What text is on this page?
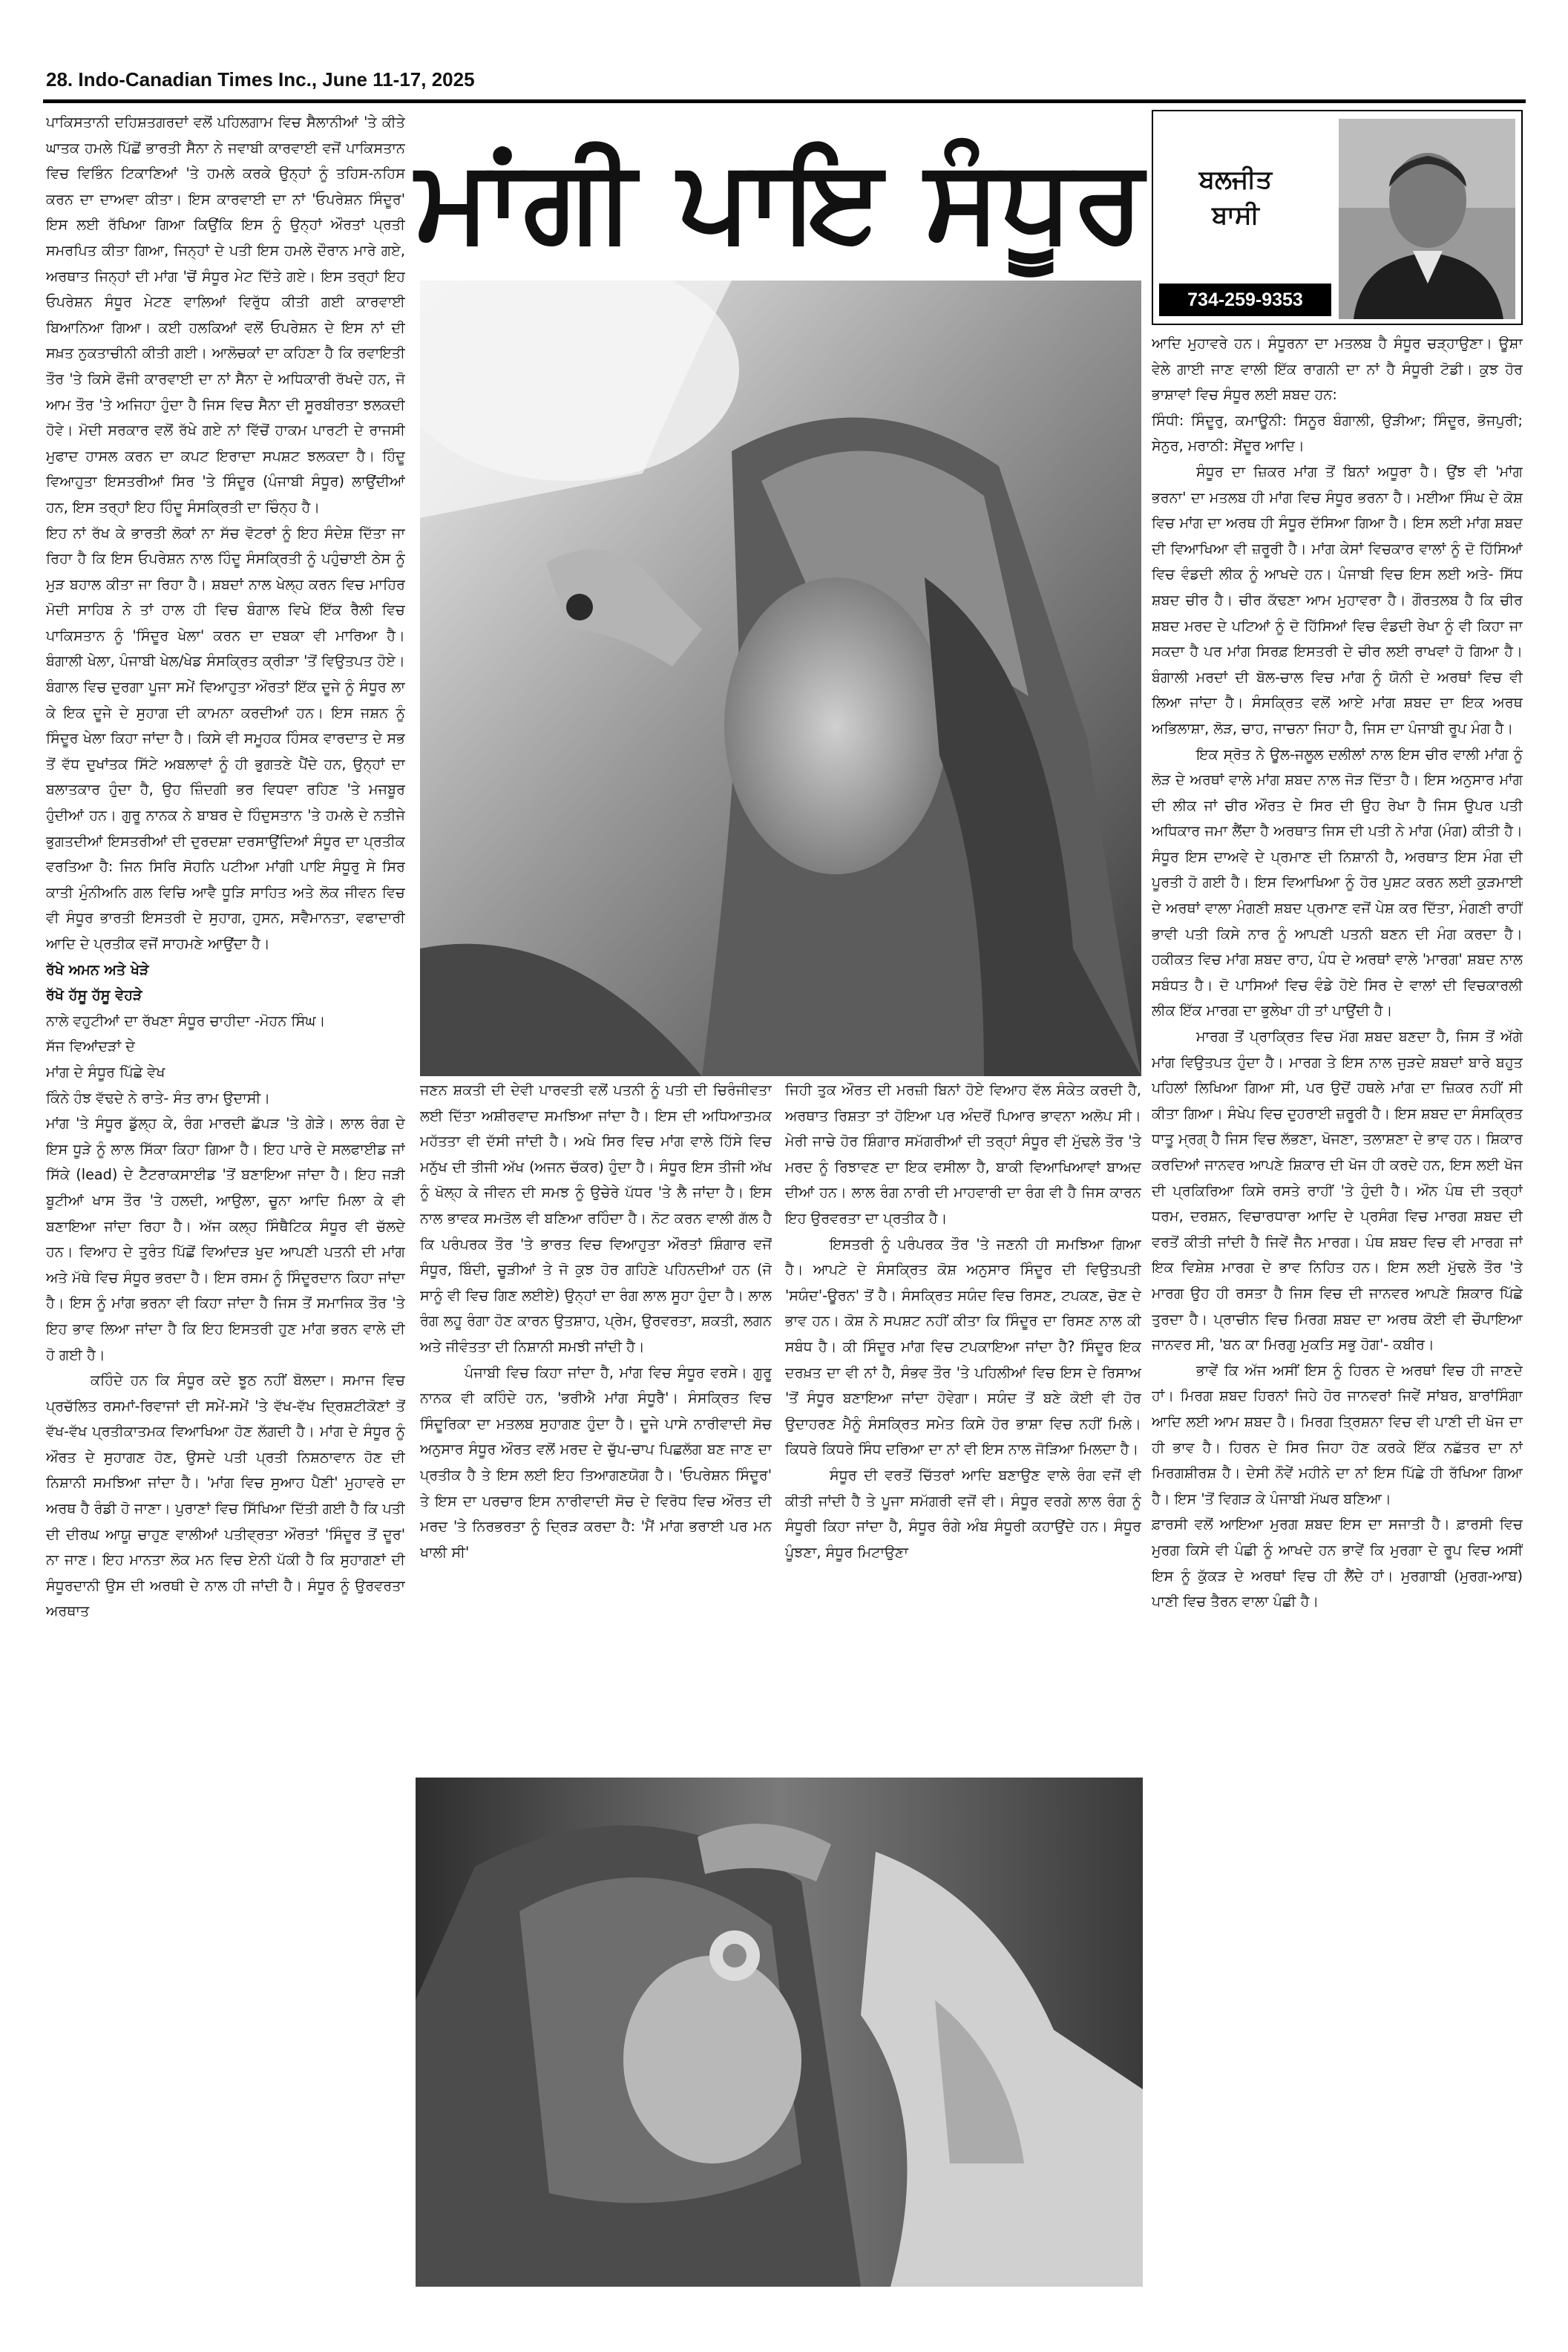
28. Indo-Canadian Times Inc., June 11-17, 2025

ਪਾਕਿਸਤਾਨੀ ਦਹਿਸ਼ਤਗਰਦਾਂ ਵਲੋਂ ਪਹਿਲਗਾਮ ਵਿਚ ਸੈਲਾਨੀਆਂ 'ਤੇ ਕੀਤੇ ਘਾਤਕ ਹਮਲੇ ਪਿੱਛੋਂ ਭਾਰਤੀ ਸੈਨਾ ਨੇ ਜਵਾਬੀ ਕਾਰਵਾਈ ਵਜੋਂ ਪਾਕਿਸਤਾਨ ਵਿਚ ਵਿਭਿੰਨ ਟਿਕਾਣਿਆਂ 'ਤੇ ਹਮਲੇ ਕਰਕੇ ਉਨ੍ਹਾਂ ਨੂੰ ਤਹਿਸ-ਨਹਿਸ ਕਰਨ ਦਾ ਦਾਅਵਾ ਕੀਤਾ। ਇਸ ਕਾਰਵਾਈ ਦਾ ਨਾਂ 'ਓਪਰੇਸ਼ਨ ਸਿੰਦੂਰ' ਇਸ ਲਈ ਰੱਖਿਆ ਗਿਆ ਕਿਉਂਕਿ ਇਸ ਨੂੰ ਉਨ੍ਹਾਂ ਔਰਤਾਂ ਪ੍ਰਤੀ ਸਮਰਪਿਤ ਕੀਤਾ ਗਿਆ, ਜਿਨ੍ਹਾਂ ਦੇ ਪਤੀ ਇਸ ਹਮਲੇ ਦੌਰਾਨ ਮਾਰੇ ਗਏ, ਅਰਥਾਤ ਜਿਨ੍ਹਾਂ ਦੀ ਮਾਂਗ 'ਚੋਂ ਸੰਧੂਰ ਮੇਟ ਦਿੱਤੇ ਗਏ। ਇਸ ਤਰ੍ਹਾਂ ਇਹ ਓਪਰੇਸ਼ਨ ਸੰਧੂਰ ਮੇਟਣ ਵਾਲਿਆਂ ਵਿਰੁੱਧ ਕੀਤੀ ਗਈ ਕਾਰਵਾਈ ਬਿਆਨਿਆ ਗਿਆ। ਕਈ ਹਲਕਿਆਂ ਵਲੋਂ ਓਪਰੇਸ਼ਨ ਦੇ ਇਸ ਨਾਂ ਦੀ ਸਖ਼ਤ ਨੁਕਤਾਚੀਨੀ ਕੀਤੀ ਗਈ। ਆਲੋਚਕਾਂ ਦਾ ਕਹਿਣਾ ਹੈ ਕਿ ਰਵਾਇਤੀ ਤੌਰ 'ਤੇ ਕਿਸੇ ਫੌਜੀ ਕਾਰਵਾਈ ਦਾ ਨਾਂ ਸੈਨਾ ਦੇ ਅਧਿਕਾਰੀ ਰੱਖਦੇ ਹਨ, ਜੋ ਆਮ ਤੌਰ 'ਤੇ ਅਜਿਹਾ ਹੁੰਦਾ ਹੈ ਜਿਸ ਵਿਚ ਸੈਨਾ ਦੀ ਸੂਰਬੀਰਤਾ ਝਲਕਦੀ ਹੋਵੇ। ਮੋਦੀ ਸਰਕਾਰ ਵਲੋਂ ਰੱਖੇ ਗਏ ਨਾਂ ਵਿੱਚੋਂ ਹਾਕਮ ਪਾਰਟੀ ਦੇ ਰਾਜਸੀ ਮੁਫਾਦ ਹਾਸਲ ਕਰਨ ਦਾ ਕਪਟ ਇਰਾਦਾ ਸਪਸ਼ਟ ਝਲਕਦਾ ਹੈ। ਹਿੰਦੂ ਵਿਆਹੁਤਾ ਇਸਤਰੀਆਂ ਸਿਰ 'ਤੇ ਸਿੰਦੂਰ (ਪੰਜਾਬੀ ਸੰਧੂਰ) ਲਾਉਂਦੀਆਂ ਹਨ, ਇਸ ਤਰ੍ਹਾਂ ਇਹ ਹਿੰਦੂ ਸੰਸਕ੍ਰਿਤੀ ਦਾ ਚਿੰਨ੍ਹ ਹੈ।

ਇਹ ਨਾਂ ਰੱਖ ਕੇ ਭਾਰਤੀ ਲੋਕਾਂ ਨਾ ਸੱਚ ਵੋਟਰਾਂ ਨੂੰ ਇਹ ਸੰਦੇਸ਼ ਦਿੱਤਾ ਜਾ ਰਿਹਾ ਹੈ ਕਿ ਇਸ ਓਪਰੇਸ਼ਨ ਨਾਲ ਹਿੰਦੂ ਸੰਸਕ੍ਰਿਤੀ ਨੂੰ ਪਹੁੰਚਾਈ ਠੇਸ ਨੂੰ ਮੁੜ ਬਹਾਲ ਕੀਤਾ ਜਾ ਰਿਹਾ ਹੈ। ਸ਼ਬਦਾਂ ਨਾਲ ਖੇਲ੍ਹ ਕਰਨ ਵਿਚ ਮਾਹਿਰ ਮੋਦੀ ਸਾਹਿਬ ਨੇ ਤਾਂ ਹਾਲ ਹੀ ਵਿਚ ਬੰਗਾਲ ਵਿਖੇ ਇੱਕ ਰੈਲੀ ਵਿਚ ਪਾਕਿਸਤਾਨ ਨੂੰ 'ਸਿੰਦੂਰ ਖੇਲਾ' ਕਰਨ ਦਾ ਦਬਕਾ ਵੀ ਮਾਰਿਆ ਹੈ। ਬੰਗਾਲੀ ਖੇਲਾ, ਪੰਜਾਬੀ ਖੇਲ/ਖੇਡ ਸੰਸਕ੍ਰਿਤ ਕ੍ਰੀੜਾ 'ਤੋਂ ਵਿਉਤਪਤ ਹੋਏ। ਬੰਗਾਲ ਵਿਚ ਦੁਰਗਾ ਪੂਜਾ ਸਮੇਂ ਵਿਆਹੁਤਾ ਔਰਤਾਂ ਇੱਕ ਦੂਜੇ ਨੂੰ ਸੰਧੂਰ ਲਾ ਕੇ ਇਕ ਦੂਜੇ ਦੇ ਸੁਹਾਗ ਦੀ ਕਾਮਨਾ ਕਰਦੀਆਂ ਹਨ। ਇਸ ਜਸ਼ਨ ਨੂੰ ਸਿੰਦੂਰ ਖੇਲਾ ਕਿਹਾ ਜਾਂਦਾ ਹੈ। ਕਿਸੇ ਵੀ ਸਮੂਹਕ ਹਿੰਸਕ ਵਾਰਦਾਤ ਦੇ ਸਭ ਤੋਂ ਵੱਧ ਦੁਖਾਂਤਕ ਸਿੱਟੇ ਅਬਲਾਵਾਂ ਨੂੰ ਹੀ ਭੁਗਤਣੇ ਪੈਂਦੇ ਹਨ, ਉਨ੍ਹਾਂ ਦਾ ਬਲਾਤਕਾਰ ਹੁੰਦਾ ਹੈ, ਉਹ ਜ਼ਿੰਦਗੀ ਭਰ ਵਿਧਵਾ ਰਹਿਣ 'ਤੇ ਮਜਬੂਰ ਹੁੰਦੀਆਂ ਹਨ। ਗੁਰੂ ਨਾਨਕ ਨੇ ਬਾਬਰ ਦੇ ਹਿੰਦੁਸਤਾਨ 'ਤੇ ਹਮਲੇ ਦੇ ਨਤੀਜੇ ਭੁਗਤਦੀਆਂ ਇਸਤਰੀਆਂ ਦੀ ਦੁਰਦਸ਼ਾ ਦਰਸਾਉਂਦਿਆਂ ਸੰਧੂਰ ਦਾ ਪ੍ਰਤੀਕ ਵਰਤਿਆ ਹੈ: ਜਿਨ ਸਿਰਿ ਸੋਹਨਿ ਪਟੀਆ ਮਾਂਗੀ ਪਾਇ ਸੰਧੂਰੁ ਸੇ ਸਿਰ ਕਾਤੀ ਮੁੰਨੀਅਨਿ ਗਲ ਵਿਚਿ ਆਵੈ ਧੂੜਿ ਸਾਹਿਤ ਅਤੇ ਲੋਕ ਜੀਵਨ ਵਿਚ ਵੀ ਸੰਧੂਰ ਭਾਰਤੀ ਇਸਤਰੀ ਦੇ ਸੁਹਾਗ, ਹੁਸਨ, ਸਵੈਮਾਨਤਾ, ਵਫਾਦਾਰੀ ਆਦਿ ਦੇ ਪ੍ਰਤੀਕ ਵਜੋਂ ਸਾਹਮਣੇ ਆਉਂਦਾ ਹੈ।

ਰੱਖੇ ਅਮਨ ਅਤੇ ਖੇੜੇ

ਰੱਖੋ ਹੱਸੂ ਹੱਸੂ ਵੇਹੜੇ

ਨਾਲੇ ਵਹੁਟੀਆਂ ਦਾ ਰੱਖਣਾ ਸੰਧੂਰ ਚਾਹੀਦਾ -ਮੋਹਨ ਸਿੰਘ।

ਸੱਜ ਵਿਆਂਦੜਾਂ ਦੇ

ਮਾਂਗ ਦੇ ਸੰਧੂਰ ਪਿੱਛੇ ਵੇਖ

ਕਿੰਨੇ ਹੰਝ ਵੱਢਦੇ ਨੇ ਰਾਤੇ- ਸੰਤ ਰਾਮ ਉਦਾਸੀ।

ਮਾਂਗ 'ਤੇ ਸੰਧੂਰ ਡੁੱਲ੍ਹ ਕੇ, ਰੰਗ ਮਾਰਦੀ ਛੱਪੜ 'ਤੇ ਗੇੜੇ। ਲਾਲ ਰੰਗ ਦੇ ਇਸ ਧੂੜੇ ਨੂੰ ਲਾਲ ਸਿੱਕਾ ਕਿਹਾ ਗਿਆ ਹੈ। ਇਹ ਪਾਰੇ ਦੇ ਸਲਫਾਈਡ ਜਾਂ ਸਿੱਕੇ (lead) ਦੇ ਟੈਟਰਾਕਸਾਈਡ 'ਤੋਂ ਬਣਾਇਆ ਜਾਂਦਾ ਹੈ। ਇਹ ਜੜੀ ਬੂਟੀਆਂ ਖਾਸ ਤੌਰ 'ਤੇ ਹਲਦੀ, ਆਉਲਾ, ਚੂਨਾ ਆਦਿ ਮਿਲਾ ਕੇ ਵੀ ਬਣਾਇਆ ਜਾਂਦਾ ਰਿਹਾ ਹੈ। ਅੱਜ ਕਲ੍ਹ ਸਿੰਥੈਟਿਕ ਸੰਧੂਰ ਵੀ ਚੱਲਦੇ ਹਨ। ਵਿਆਹ ਦੇ ਤੁਰੰਤ ਪਿੱਛੋਂ ਵਿਆਂਦੜ ਖੁਦ ਆਪਣੀ ਪਤਨੀ ਦੀ ਮਾਂਗ ਅਤੇ ਮੱਥੇ ਵਿਚ ਸੰਧੂਰ ਭਰਦਾ ਹੈ। ਇਸ ਰਸਮ ਨੂੰ ਸਿੰਦੂਰਦਾਨ ਕਿਹਾ ਜਾਂਦਾ ਹੈ। ਇਸ ਨੂੰ ਮਾਂਗ ਭਰਨਾ ਵੀ ਕਿਹਾ ਜਾਂਦਾ ਹੈ ਜਿਸ ਤੋਂ ਸਮਾਜਿਕ ਤੌਰ 'ਤੇ ਇਹ ਭਾਵ ਲਿਆ ਜਾਂਦਾ ਹੈ ਕਿ ਇਹ ਇਸਤਰੀ ਹੁਣ ਮਾਂਗ ਭਰਨ ਵਾਲੇ ਦੀ ਹੋ ਗਈ ਹੈ।

ਕਹਿੰਦੇ ਹਨ ਕਿ ਸੰਧੂਰ ਕਦੇ ਝੂਠ ਨਹੀਂ ਬੋਲਦਾ। ਸਮਾਜ ਵਿਚ ਪ੍ਰਚੱਲਿਤ ਰਸਮਾਂ-ਰਿਵਾਜਾਂ ਦੀ ਸਮੇਂ-ਸਮੇਂ 'ਤੇ ਵੱਖ-ਵੱਖ ਦ੍ਰਿਸ਼ਟੀਕੋਣਾਂ ਤੋਂ ਵੱਖ-ਵੱਖ ਪ੍ਰਤੀਕਾਤਮਕ ਵਿਆਖਿਆ ਹੋਣ ਲੱਗਦੀ ਹੈ। ਮਾਂਗ ਦੇ ਸੰਧੂਰ ਨੂੰ ਔਰਤ ਦੇ ਸੁਹਾਗਣ ਹੋਣ, ਉਸਦੇ ਪਤੀ ਪ੍ਰਤੀ ਨਿਸ਼ਠਾਵਾਨ ਹੋਣ ਦੀ ਨਿਸ਼ਾਨੀ ਸਮਝਿਆ ਜਾਂਦਾ ਹੈ। 'ਮਾਂਗ ਵਿਚ ਸੁਆਹ ਪੈਣੀ' ਮੁਹਾਵਰੇ ਦਾ ਅਰਥ ਹੈ ਰੰਡੀ ਹੋ ਜਾਣਾ। ਪੁਰਾਣਾਂ ਵਿਚ ਸਿੱਖਿਆ ਦਿੱਤੀ ਗਈ ਹੈ ਕਿ ਪਤੀ ਦੀ ਦੀਰਘ ਆਯੂ ਚਾਹੁਣ ਵਾਲੀਆਂ ਪਤੀਵ੍ਰਤਾ ਔਰਤਾਂ 'ਸਿੰਦੂਰ ਤੋਂ ਦੂਰ' ਨਾ ਜਾਣ। ਇਹ ਮਾਨਤਾ ਲੋਕ ਮਨ ਵਿਚ ਏਨੀ ਪੱਕੀ ਹੈ ਕਿ ਸੁਹਾਗਣਾਂ ਦੀ ਸੰਧੂਰਦਾਨੀ ਉਸ ਦੀ ਅਰਥੀ ਦੇ ਨਾਲ ਹੀ ਜਾਂਦੀ ਹੈ। ਸੰਧੂਰ ਨੂੰ ਉਰਵਰਤਾ ਅਰਥਾਤ

ਮਾਂਗੀ ਪਾਇ ਸੰਧੂਰ	ਬਲਜੀਤ
ਬਾਸੀ
734-259-9353

ਜਣਨ ਸ਼ਕਤੀ ਦੀ ਦੇਵੀ ਪਾਰਵਤੀ ਵਲੋਂ ਪਤਨੀ ਨੂੰ ਪਤੀ ਦੀ ਚਿਰੰਜੀਵਤਾ ਲਈ ਦਿੱਤਾ ਅਸ਼ੀਰਵਾਦ ਸਮਝਿਆ ਜਾਂਦਾ ਹੈ। ਇਸ ਦੀ ਅਧਿਆਤਮਕ ਮਹੱਤਤਾ ਵੀ ਦੱਸੀ ਜਾਂਦੀ ਹੈ। ਅਖੇ ਸਿਰ ਵਿਚ ਮਾਂਗ ਵਾਲੇ ਹਿੱਸੇ ਵਿਚ ਮਨੁੱਖ ਦੀ ਤੀਜੀ ਅੱਖ (ਅਜਨ ਚੱਕਰ) ਹੁੰਦਾ ਹੈ। ਸੰਧੂਰ ਇਸ ਤੀਜੀ ਅੱਖ ਨੂੰ ਖੋਲ੍ਹ ਕੇ ਜੀਵਨ ਦੀ ਸਮਝ ਨੂੰ ਉਚੇਰੇ ਪੱਧਰ 'ਤੇ ਲੈ ਜਾਂਦਾ ਹੈ। ਇਸ ਨਾਲ ਭਾਵਕ ਸਮਤੋਲ ਵੀ ਬਣਿਆ ਰਹਿੰਦਾ ਹੈ। ਨੋਟ ਕਰਨ ਵਾਲੀ ਗੱਲ ਹੈ ਕਿ ਪਰੰਪਰਕ ਤੌਰ 'ਤੇ ਭਾਰਤ ਵਿਚ ਵਿਆਹੁਤਾ ਔਰਤਾਂ ਸ਼ਿੰਗਾਰ ਵਜੋਂ ਸੰਧੂਰ, ਬਿੰਦੀ, ਚੂੜੀਆਂ ਤੇ ਜੋ ਕੁਝ ਹੋਰ ਗਹਿਣੇ ਪਹਿਨਦੀਆਂ ਹਨ (ਜੋ ਸਾਨੂੰ ਵੀ ਵਿਚ ਗਿਣ ਲਈਏ) ਉਨ੍ਹਾਂ ਦਾ ਰੰਗ ਲਾਲ ਸੂਹਾ ਹੁੰਦਾ ਹੈ। ਲਾਲ ਰੰਗ ਲਹੂ ਰੰਗਾ ਹੋਣ ਕਾਰਨ ਉਤਸ਼ਾਹ, ਪ੍ਰੇਮ, ਉਰਵਰਤਾ, ਸ਼ਕਤੀ, ਲਗਨ ਅਤੇ ਜੀਵੰਤਤਾ ਦੀ ਨਿਸ਼ਾਨੀ ਸਮਝੀ ਜਾਂਦੀ ਹੈ।

ਪੰਜਾਬੀ ਵਿਚ ਕਿਹਾ ਜਾਂਦਾ ਹੈ, ਮਾਂਗ ਵਿਚ ਸੰਧੂਰ ਵਰਸੇ। ਗੁਰੂ ਨਾਨਕ ਵੀ ਕਹਿੰਦੇ ਹਨ, 'ਭਰੀਐ ਮਾਂਗ ਸੰਧੂਰੈ'। ਸੰਸਕ੍ਰਿਤ ਵਿਚ ਸਿੰਦੂਰਿਕਾ ਦਾ ਮਤਲਬ ਸੁਹਾਗਣ ਹੁੰਦਾ ਹੈ। ਦੂਜੇ ਪਾਸੇ ਨਾਰੀਵਾਦੀ ਸੋਚ ਅਨੁਸਾਰ ਸੰਧੂਰ ਔਰਤ ਵਲੋਂ ਮਰਦ ਦੇ ਚੁੱਪ-ਚਾਪ ਪਿਛਲੱਗ ਬਣ ਜਾਣ ਦਾ ਪ੍ਰਤੀਕ ਹੈ ਤੇ ਇਸ ਲਈ ਇਹ ਤਿਆਗਣਯੋਗ ਹੈ। 'ਓਪਰੇਸ਼ਨ ਸਿੰਦੂਰ' ਤੇ ਇਸ ਦਾ ਪਰਚਾਰ ਇਸ ਨਾਰੀਵਾਦੀ ਸੋਚ ਦੇ ਵਿਰੋਧ ਵਿਚ ਔਰਤ ਦੀ ਮਰਦ 'ਤੇ ਨਿਰਭਰਤਾ ਨੂੰ ਦ੍ਰਿੜ ਕਰਦਾ ਹੈ: 'ਮੈਂ ਮਾਂਗ ਭਰਾਈ ਪਰ ਮਨ ਖਾਲੀ ਸੀ'

ਜਿਹੀ ਤੁਕ ਔਰਤ ਦੀ ਮਰਜ਼ੀ ਬਿਨਾਂ ਹੋਏ ਵਿਆਹ ਵੱਲ ਸੰਕੇਤ ਕਰਦੀ ਹੈ, ਅਰਥਾਤ ਰਿਸ਼ਤਾ ਤਾਂ ਹੋਇਆ ਪਰ ਅੰਦਰੋਂ ਪਿਆਰ ਭਾਵਨਾ ਅਲੋਪ ਸੀ। ਮੇਰੀ ਜਾਚੇ ਹੋਰ ਸ਼ਿੰਗਾਰ ਸਮੱਗਰੀਆਂ ਦੀ ਤਰ੍ਹਾਂ ਸੰਧੂਰ ਵੀ ਮੁੱਢਲੇ ਤੌਰ 'ਤੇ ਮਰਦ ਨੂੰ ਰਿਝਾਵਣ ਦਾ ਇਕ ਵਸੀਲਾ ਹੈ, ਬਾਕੀ ਵਿਆਖਿਆਵਾਂ ਬਾਅਦ ਦੀਆਂ ਹਨ। ਲਾਲ ਰੰਗ ਨਾਰੀ ਦੀ ਮਾਹਵਾਰੀ ਦਾ ਰੰਗ ਵੀ ਹੈ ਜਿਸ ਕਾਰਨ ਇਹ ਉਰਵਰਤਾ ਦਾ ਪ੍ਰਤੀਕ ਹੈ।

ਇਸਤਰੀ ਨੂੰ ਪਰੰਪਰਕ ਤੌਰ 'ਤੇ ਜਣਨੀ ਹੀ ਸਮਝਿਆ ਗਿਆ ਹੈ। ਆਪਟੇ ਦੇ ਸੰਸਕ੍ਰਿਤ ਕੋਸ਼ ਅਨੁਸਾਰ ਸਿੰਦੂਰ ਦੀ ਵਿਉਤਪਤੀ 'ਸਯੰਦ'-ਊਰਨ' ਤੋਂ ਹੈ। ਸੰਸਕ੍ਰਿਤ ਸਯੰਦ ਵਿਚ ਰਿਸਣ, ਟਪਕਣ, ਚੋਣ ਦੇ ਭਾਵ ਹਨ। ਕੋਸ਼ ਨੇ ਸਪਸ਼ਟ ਨਹੀਂ ਕੀਤਾ ਕਿ ਸਿੰਦੂਰ ਦਾ ਰਿਸਣ ਨਾਲ ਕੀ ਸਬੰਧ ਹੈ। ਕੀ ਸਿੰਦੂਰ ਮਾਂਗ ਵਿਚ ਟਪਕਾਇਆ ਜਾਂਦਾ ਹੈ? ਸਿੰਦੂਰ ਇਕ ਦਰਖ਼ਤ ਦਾ ਵੀ ਨਾਂ ਹੈ, ਸੰਭਵ ਤੌਰ 'ਤੇ ਪਹਿਲੀਆਂ ਵਿਚ ਇਸ ਦੇ ਰਿਸਾਅ 'ਤੋਂ ਸੰਧੂਰ ਬਣਾਇਆ ਜਾਂਦਾ ਹੋਵੇਗਾ। ਸਯੰਦ ਤੋਂ ਬਣੇ ਕੋਈ ਵੀ ਹੋਰ ਉਦਾਹਰਣ ਮੈਨੂੰ ਸੰਸਕ੍ਰਿਤ ਸਮੇਤ ਕਿਸੇ ਹੋਰ ਭਾਸ਼ਾ ਵਿਚ ਨਹੀਂ ਮਿਲੇ। ਕਿਧਰੇ ਕਿਧਰੇ ਸਿੰਧ ਦਰਿਆ ਦਾ ਨਾਂ ਵੀ ਇਸ ਨਾਲ ਜੋੜਿਆ ਮਿਲਦਾ ਹੈ।

ਸੰਧੂਰ ਦੀ ਵਰਤੋਂ ਚਿੱਤਰਾਂ ਆਦਿ ਬਣਾਉਣ ਵਾਲੇ ਰੰਗ ਵਜੋਂ ਵੀ ਕੀਤੀ ਜਾਂਦੀ ਹੈ ਤੇ ਪੂਜਾ ਸਮੱਗਰੀ ਵਜੋਂ ਵੀ। ਸੰਧੂਰ ਵਰਗੇ ਲਾਲ ਰੰਗ ਨੂੰ ਸੰਧੂਰੀ ਕਿਹਾ ਜਾਂਦਾ ਹੈ, ਸੰਧੂਰ ਰੰਗੇ ਅੰਬ ਸੰਧੂਰੀ ਕਹਾਉਂਦੇ ਹਨ। ਸੰਧੂਰ ਪੂੰਝਣਾ, ਸੰਧੂਰ ਮਿਟਾਉਣਾ

ਆਦਿ ਮੁਹਾਵਰੇ ਹਨ। ਸੰਧੂਰਨਾ ਦਾ ਮਤਲਬ ਹੈ ਸੰਧੂਰ ਚੜ੍ਹਾਉਣਾ। ਊਸ਼ਾ ਵੇਲੇ ਗਾਈ ਜਾਣ ਵਾਲੀ ਇੱਕ ਰਾਗਨੀ ਦਾ ਨਾਂ ਹੈ ਸੰਧੂਰੀ ਟੋਡੀ। ਕੁਝ ਹੋਰ ਭਾਸ਼ਾਵਾਂ ਵਿਚ ਸੰਧੂਰ ਲਈ ਸ਼ਬਦ ਹਨ:

ਸਿੰਧੀ: ਸਿੰਦੂਰੁ, ਕਮਾਊਨੀ: ਸਿਨੂਰ ਬੰਗਾਲੀ, ਉੜੀਆ; ਸਿੰਦੂਰ, ਭੋਜਪੁਰੀ; ਸੇਨੁਰ, ਮਰਾਠੀ: ਸੇਂਦੂਰ ਆਦਿ।

ਸੰਧੂਰ ਦਾ ਜ਼ਿਕਰ ਮਾਂਗ ਤੋਂ ਬਿਨਾਂ ਅਧੂਰਾ ਹੈ। ਉਂਝ ਵੀ 'ਮਾਂਗ ਭਰਨਾ' ਦਾ ਮਤਲਬ ਹੀ ਮਾਂਗ ਵਿਚ ਸੰਧੂਰ ਭਰਨਾ ਹੈ। ਮਈਆ ਸਿੰਘ ਦੇ ਕੋਸ਼ ਵਿਚ ਮਾਂਗ ਦਾ ਅਰਥ ਹੀ ਸੰਧੂਰ ਦੱਸਿਆ ਗਿਆ ਹੈ। ਇਸ ਲਈ ਮਾਂਗ ਸ਼ਬਦ ਦੀ ਵਿਆਖਿਆ ਵੀ ਜ਼ਰੂਰੀ ਹੈ। ਮਾਂਗ ਕੇਸਾਂ ਵਿਚਕਾਰ ਵਾਲਾਂ ਨੂੰ ਦੋ ਹਿੱਸਿਆਂ ਵਿਚ ਵੰਡਦੀ ਲੀਕ ਨੂੰ ਆਖਦੇ ਹਨ। ਪੰਜਾਬੀ ਵਿਚ ਇਸ ਲਈ ਅਤੇ- ਸਿੱਧ ਸ਼ਬਦ ਚੀਰ ਹੈ। ਚੀਰ ਕੱਢਣਾ ਆਮ ਮੁਹਾਵਰਾ ਹੈ। ਗੌਰਤਲਬ ਹੈ ਕਿ ਚੀਰ ਸ਼ਬਦ ਮਰਦ ਦੇ ਪਟਿਆਂ ਨੂੰ ਦੋ ਹਿੱਸਿਆਂ ਵਿਚ ਵੰਡਦੀ ਰੇਖਾ ਨੂੰ ਵੀ ਕਿਹਾ ਜਾ ਸਕਦਾ ਹੈ ਪਰ ਮਾਂਗ ਸਿਰਫ਼ ਇਸਤਰੀ ਦੇ ਚੀਰ ਲਈ ਰਾਖਵਾਂ ਹੋ ਗਿਆ ਹੈ। ਬੰਗਾਲੀ ਮਰਦਾਂ ਦੀ ਬੋਲ-ਚਾਲ ਵਿਚ ਮਾਂਗ ਨੂੰ ਯੋਨੀ ਦੇ ਅਰਥਾਂ ਵਿਚ ਵੀ ਲਿਆ ਜਾਂਦਾ ਹੈ। ਸੰਸਕ੍ਰਿਤ ਵਲੋਂ ਆਏ ਮਾਂਗ ਸ਼ਬਦ ਦਾ ਇਕ ਅਰਥ ਅਭਿਲਾਸ਼ਾ, ਲੋੜ, ਚਾਹ, ਜਾਚਨਾ ਜਿਹਾ ਹੈ, ਜਿਸ ਦਾ ਪੰਜਾਬੀ ਰੂਪ ਮੰਗ ਹੈ।

ਇਕ ਸ੍ਰੋਤ ਨੇ ਊਲ-ਜਲੂਲ ਦਲੀਲਾਂ ਨਾਲ ਇਸ ਚੀਰ ਵਾਲੀ ਮਾਂਗ ਨੂੰ ਲੋੜ ਦੇ ਅਰਥਾਂ ਵਾਲੇ ਮਾਂਗ ਸ਼ਬਦ ਨਾਲ ਜੋੜ ਦਿੱਤਾ ਹੈ। ਇਸ ਅਨੁਸਾਰ ਮਾਂਗ ਦੀ ਲੀਕ ਜਾਂ ਚੀਰ ਔਰਤ ਦੇ ਸਿਰ ਦੀ ਉਹ ਰੇਖਾ ਹੈ ਜਿਸ ਉਪਰ ਪਤੀ ਅਧਿਕਾਰ ਜਮਾ ਲੈਂਦਾ ਹੈ ਅਰਥਾਤ ਜਿਸ ਦੀ ਪਤੀ ਨੇ ਮਾਂਗ (ਮੰਗ) ਕੀਤੀ ਹੈ। ਸੰਧੂਰ ਇਸ ਦਾਅਵੇ ਦੇ ਪ੍ਰਮਾਣ ਦੀ ਨਿਸ਼ਾਨੀ ਹੈ, ਅਰਥਾਤ ਇਸ ਮੰਗ ਦੀ ਪੂਰਤੀ ਹੋ ਗਈ ਹੈ। ਇਸ ਵਿਆਖਿਆ ਨੂੰ ਹੋਰ ਪੁਸ਼ਟ ਕਰਨ ਲਈ ਕੁੜਮਾਈ ਦੇ ਅਰਥਾਂ ਵਾਲਾ ਮੰਗਣੀ ਸ਼ਬਦ ਪ੍ਰਮਾਣ ਵਜੋਂ ਪੇਸ਼ ਕਰ ਦਿੱਤਾ, ਮੰਗਣੀ ਰਾਹੀਂ ਭਾਵੀ ਪਤੀ ਕਿਸੇ ਨਾਰ ਨੂੰ ਆਪਣੀ ਪਤਨੀ ਬਣਨ ਦੀ ਮੰਗ ਕਰਦਾ ਹੈ। ਹਕੀਕਤ ਵਿਚ ਮਾਂਗ ਸ਼ਬਦ ਰਾਹ, ਪੰਧ ਦੇ ਅਰਥਾਂ ਵਾਲੇ 'ਮਾਰਗ' ਸ਼ਬਦ ਨਾਲ ਸਬੰਧਤ ਹੈ। ਦੋ ਪਾਸਿਆਂ ਵਿਚ ਵੰਡੇ ਹੋਏ ਸਿਰ ਦੇ ਵਾਲਾਂ ਦੀ ਵਿਚਕਾਰਲੀ ਲੀਕ ਇੱਕ ਮਾਰਗ ਦਾ ਭੁਲੇਖਾ ਹੀ ਤਾਂ ਪਾਉਂਦੀ ਹੈ।

ਮਾਰਗ ਤੋਂ ਪ੍ਰਾਕ੍ਰਿਤ ਵਿਚ ਮੱਗ ਸ਼ਬਦ ਬਣਦਾ ਹੈ, ਜਿਸ ਤੋਂ ਅੱਗੇ ਮਾਂਗ ਵਿਉਤਪਤ ਹੁੰਦਾ ਹੈ। ਮਾਰਗ ਤੇ ਇਸ ਨਾਲ ਜੁੜਦੇ ਸ਼ਬਦਾਂ ਬਾਰੇ ਬਹੁਤ ਪਹਿਲਾਂ ਲਿਖਿਆ ਗਿਆ ਸੀ, ਪਰ ਉਦੋਂ ਹਥਲੇ ਮਾਂਗ ਦਾ ਜ਼ਿਕਰ ਨਹੀਂ ਸੀ ਕੀਤਾ ਗਿਆ। ਸੰਖੇਪ ਵਿਚ ਦੁਹਰਾਈ ਜ਼ਰੂਰੀ ਹੈ। ਇਸ ਸ਼ਬਦ ਦਾ ਸੰਸਕ੍ਰਿਤ ਧਾਤੂ ਮ੍ਰਗ੍ ਹੈ ਜਿਸ ਵਿਚ ਲੱਭਣਾ, ਖੋਜਣਾ, ਤਲਾਸ਼ਣਾ ਦੇ ਭਾਵ ਹਨ। ਸ਼ਿਕਾਰ ਕਰਦਿਆਂ ਜਾਨਵਰ ਆਪਣੇ ਸ਼ਿਕਾਰ ਦੀ ਖੋਜ ਹੀ ਕਰਦੇ ਹਨ, ਇਸ ਲਈ ਖੋਜ ਦੀ ਪ੍ਰਕਿਰਿਆ ਕਿਸੇ ਰਸਤੇ ਰਾਹੀਂ 'ਤੇ ਹੁੰਦੀ ਹੈ। ਔਨ ਪੰਥ ਦੀ ਤਰ੍ਹਾਂ ਧਰਮ, ਦਰਸ਼ਨ, ਵਿਚਾਰਧਾਰਾ ਆਦਿ ਦੇ ਪ੍ਰਸੰਗ ਵਿਚ ਮਾਰਗ ਸ਼ਬਦ ਦੀ ਵਰਤੋਂ ਕੀਤੀ ਜਾਂਦੀ ਹੈ ਜਿਵੇਂ ਜੈਨ ਮਾਰਗ। ਪੰਥ ਸ਼ਬਦ ਵਿਚ ਵੀ ਮਾਰਗ ਜਾਂ ਇਕ ਵਿਸ਼ੇਸ਼ ਮਾਰਗ ਦੇ ਭਾਵ ਨਿਹਿਤ ਹਨ। ਇਸ ਲਈ ਮੁੱਢਲੇ ਤੌਰ 'ਤੇ ਮਾਰਗ ਉਹ ਹੀ ਰਸਤਾ ਹੈ ਜਿਸ ਵਿਚ ਦੀ ਜਾਨਵਰ ਆਪਣੇ ਸ਼ਿਕਾਰ ਪਿੱਛੇ ਤੁਰਦਾ ਹੈ। ਪ੍ਰਾਚੀਨ ਵਿਚ ਮਿਰਗ ਸ਼ਬਦ ਦਾ ਅਰਥ ਕੋਈ ਵੀ ਚੌਪਾਇਆ ਜਾਨਵਰ ਸੀ, 'ਬਨ ਕਾ ਮਿਰਗੁ ਮੁਕਤਿ ਸਭੁ ਹੋਗ'- ਕਬੀਰ।

ਭਾਵੇਂ ਕਿ ਅੱਜ ਅਸੀਂ ਇਸ ਨੂੰ ਹਿਰਨ ਦੇ ਅਰਥਾਂ ਵਿਚ ਹੀ ਜਾਣਦੇ ਹਾਂ। ਮਿਰਗ ਸ਼ਬਦ ਹਿਰਨਾਂ ਜਿਹੇ ਹੋਰ ਜਾਨਵਰਾਂ ਜਿਵੇਂ ਸਾਂਬਰ, ਬਾਰਾਂਸਿੰਗਾ ਆਦਿ ਲਈ ਆਮ ਸ਼ਬਦ ਹੈ। ਮਿਰਗ ਤ੍ਰਿਸ਼ਨਾ ਵਿਚ ਵੀ ਪਾਣੀ ਦੀ ਖੋਜ ਦਾ ਹੀ ਭਾਵ ਹੈ। ਹਿਰਨ ਦੇ ਸਿਰ ਜਿਹਾ ਹੋਣ ਕਰਕੇ ਇੱਕ ਨਛੱਤਰ ਦਾ ਨਾਂ ਮਿਰਗਸ਼ੀਰਸ਼ ਹੈ। ਦੇਸੀ ਨੌਵੇਂ ਮਹੀਨੇ ਦਾ ਨਾਂ ਇਸ ਪਿੱਛੇ ਹੀ ਰੱਖਿਆ ਗਿਆ ਹੈ। ਇਸ 'ਤੋਂ ਵਿਗੜ ਕੇ ਪੰਜਾਬੀ ਮੱਘਰ ਬਣਿਆ।

ਫ਼ਾਰਸੀ ਵਲੋਂ ਆਇਆ ਮੁਰਗ ਸ਼ਬਦ ਇਸ ਦਾ ਸਜਾਤੀ ਹੈ। ਫ਼ਾਰਸੀ ਵਿਚ ਮੁਰਗ ਕਿਸੇ ਵੀ ਪੰਛੀ ਨੂੰ ਆਖਦੇ ਹਨ ਭਾਵੇਂ ਕਿ ਮੁਰਗਾ ਦੇ ਰੂਪ ਵਿਚ ਅਸੀਂ ਇਸ ਨੂੰ ਕੁੱਕੜ ਦੇ ਅਰਥਾਂ ਵਿਚ ਹੀ ਲੈਂਦੇ ਹਾਂ। ਮੁਰਗਾਬੀ (ਮੁਰਗ-ਆਬ) ਪਾਣੀ ਵਿਚ ਤੈਰਨ ਵਾਲਾ ਪੰਛੀ ਹੈ।
